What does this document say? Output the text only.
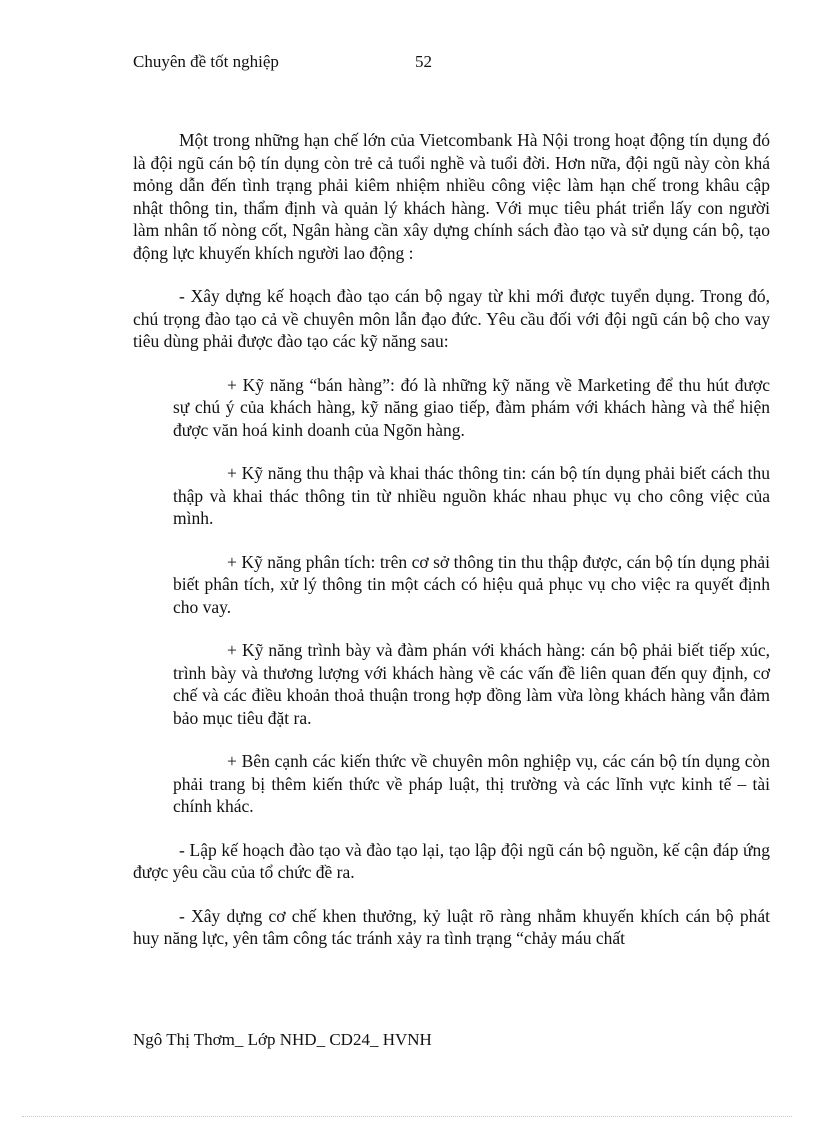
Chuyên đề tốt nghiệp	52

Một trong những hạn chế lớn của Vietcombank Hà Nội trong hoạt động tín dụng đó là đội ngũ cán bộ tín dụng còn trẻ cả tuổi nghề và tuổi đời. Hơn nữa, đội ngũ này còn khá mỏng dẫn đến tình trạng phải kiêm nhiệm nhiều công việc làm hạn chế trong khâu cập nhật thông tin, thẩm định và quản lý khách hàng. Với mục tiêu phát triển lấy con người làm nhân tố nòng cốt, Ngân hàng cần xây dựng chính sách đào tạo và sử dụng cán bộ, tạo động lực khuyến khích người lao động :

- Xây dựng kế hoạch đào tạo cán bộ ngay từ khi mới được tuyển dụng. Trong đó, chú trọng đào tạo cả về chuyên môn lẫn đạo đức. Yêu cầu đối với đội ngũ cán bộ cho vay tiêu dùng phải được đào tạo các kỹ năng sau:

+ Kỹ năng “bán hàng”: đó là những kỹ năng về Marketing để thu hút được sự chú ý của khách hàng, kỹ năng giao tiếp, đàm phám với khách hàng và thể hiện được văn hoá kinh doanh của Ngõn hàng.

+ Kỹ năng thu thập và khai thác thông tin: cán bộ tín dụng phải biết cách thu thập và khai thác thông tin từ nhiều nguồn khác nhau phục vụ cho công việc của mình.

+ Kỹ năng phân tích: trên cơ sở thông tin thu thập được, cán bộ tín dụng phải biết phân tích, xử lý thông tin một cách có hiệu quả phục vụ cho việc ra quyết định cho vay.

+ Kỹ năng trình bày và đàm phán với khách hàng: cán bộ phải biết tiếp xúc, trình bày và thương lượng với khách hàng về các vấn đề liên quan đến quy định, cơ chế và các điều khoản thoả thuận trong hợp đồng làm vừa lòng khách hàng vẫn đảm bảo mục tiêu đặt ra.

+ Bên cạnh các kiến thức về chuyên môn nghiệp vụ, các cán bộ tín dụng còn phải trang bị thêm kiến thức về pháp luật, thị trường và các lĩnh vực kinh tế – tài chính khác.

- Lập kế hoạch đào tạo và đào tạo lại, tạo lập đội ngũ cán bộ nguồn, kế cận đáp ứng được yêu cầu của tổ chức đề ra.

- Xây dựng cơ chế khen thưởng, kỷ luật rõ ràng nhằm khuyến khích cán bộ phát huy năng lực, yên tâm công tác tránh xảy ra tình trạng “chảy máu chất

Ngô Thị Thơm_ Lớp NHD_ CD24_ HVNH
